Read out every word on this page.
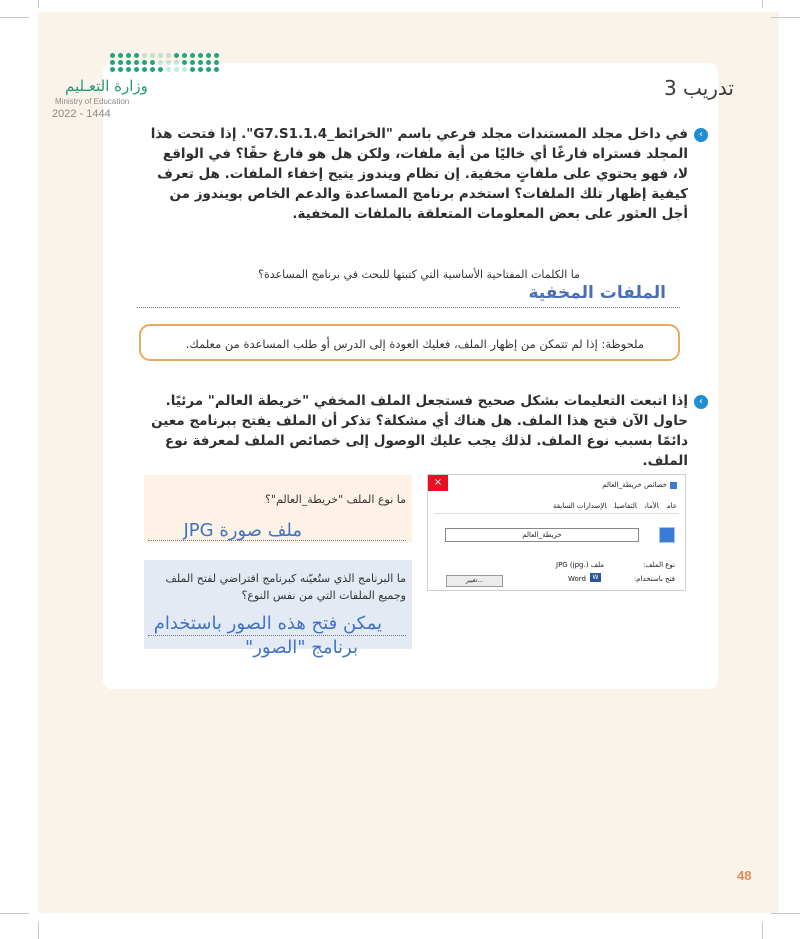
وزارة التعـليم
Ministry of Education
2022 - 1444
تدريب 3
‹
في داخل مجلد المستندات مجلد فرعي باسم "الخرائط_G7.S1.1.4". إذا فتحت هذا المجلد فستراه فارغًا أي خاليًا من أية ملفات، ولكن هل هو فارغ حقًا؟ في الواقع لا، فهو يحتوي على ملفاتٍ مخفية. إن نظام ويندوز يتيح إخفاء الملفات. هل تعرف كيفية إظهار تلك الملفات؟ استخدم برنامج المساعدة والدعم الخاص بويندوز من أجل العثور على بعض المعلومات المتعلقة بالملفات المخفية.
ما الكلمات المفتاحية الأساسية التي كتبتها للبحث في برنامج المساعدة؟
الملفات المخفية
ملحوظة: إذا لم تتمكن من إظهار الملف، فعليك العودة إلى الدرس أو طلب المساعدة من معلمك.
‹
إذا اتبعت التعليمات بشكل صحيح فستجعل الملف المخفي "خريطة العالم" مرئيًا. حاول الآن فتح هذا الملف. هل هناك أي مشكلة؟ تذكر أن الملف يفتح ببرنامج معين دائمًا بسبب نوع الملف. لذلك يجب عليك الوصول إلى خصائص الملف لمعرفة نوع الملف.
ما نوع الملف "خريطة_العالم"؟
ملف صورة JPG
ما البرنامج الذي ستُعيّنه كبرنامج افتراضي لفتح الملف وجميع الملفات التي من نفس النوع؟
يمكن فتح هذه الصور باستخدام
برنامج "الصور"
×	خصائص خريطة_العالم
عامالأمانالتفاصيلالإصدارات السابقة
خريطة_العالم
نوع الملف:
ملف JPG (jpg.)
فتح باستخدام:
W
Word
تغيير...
48
